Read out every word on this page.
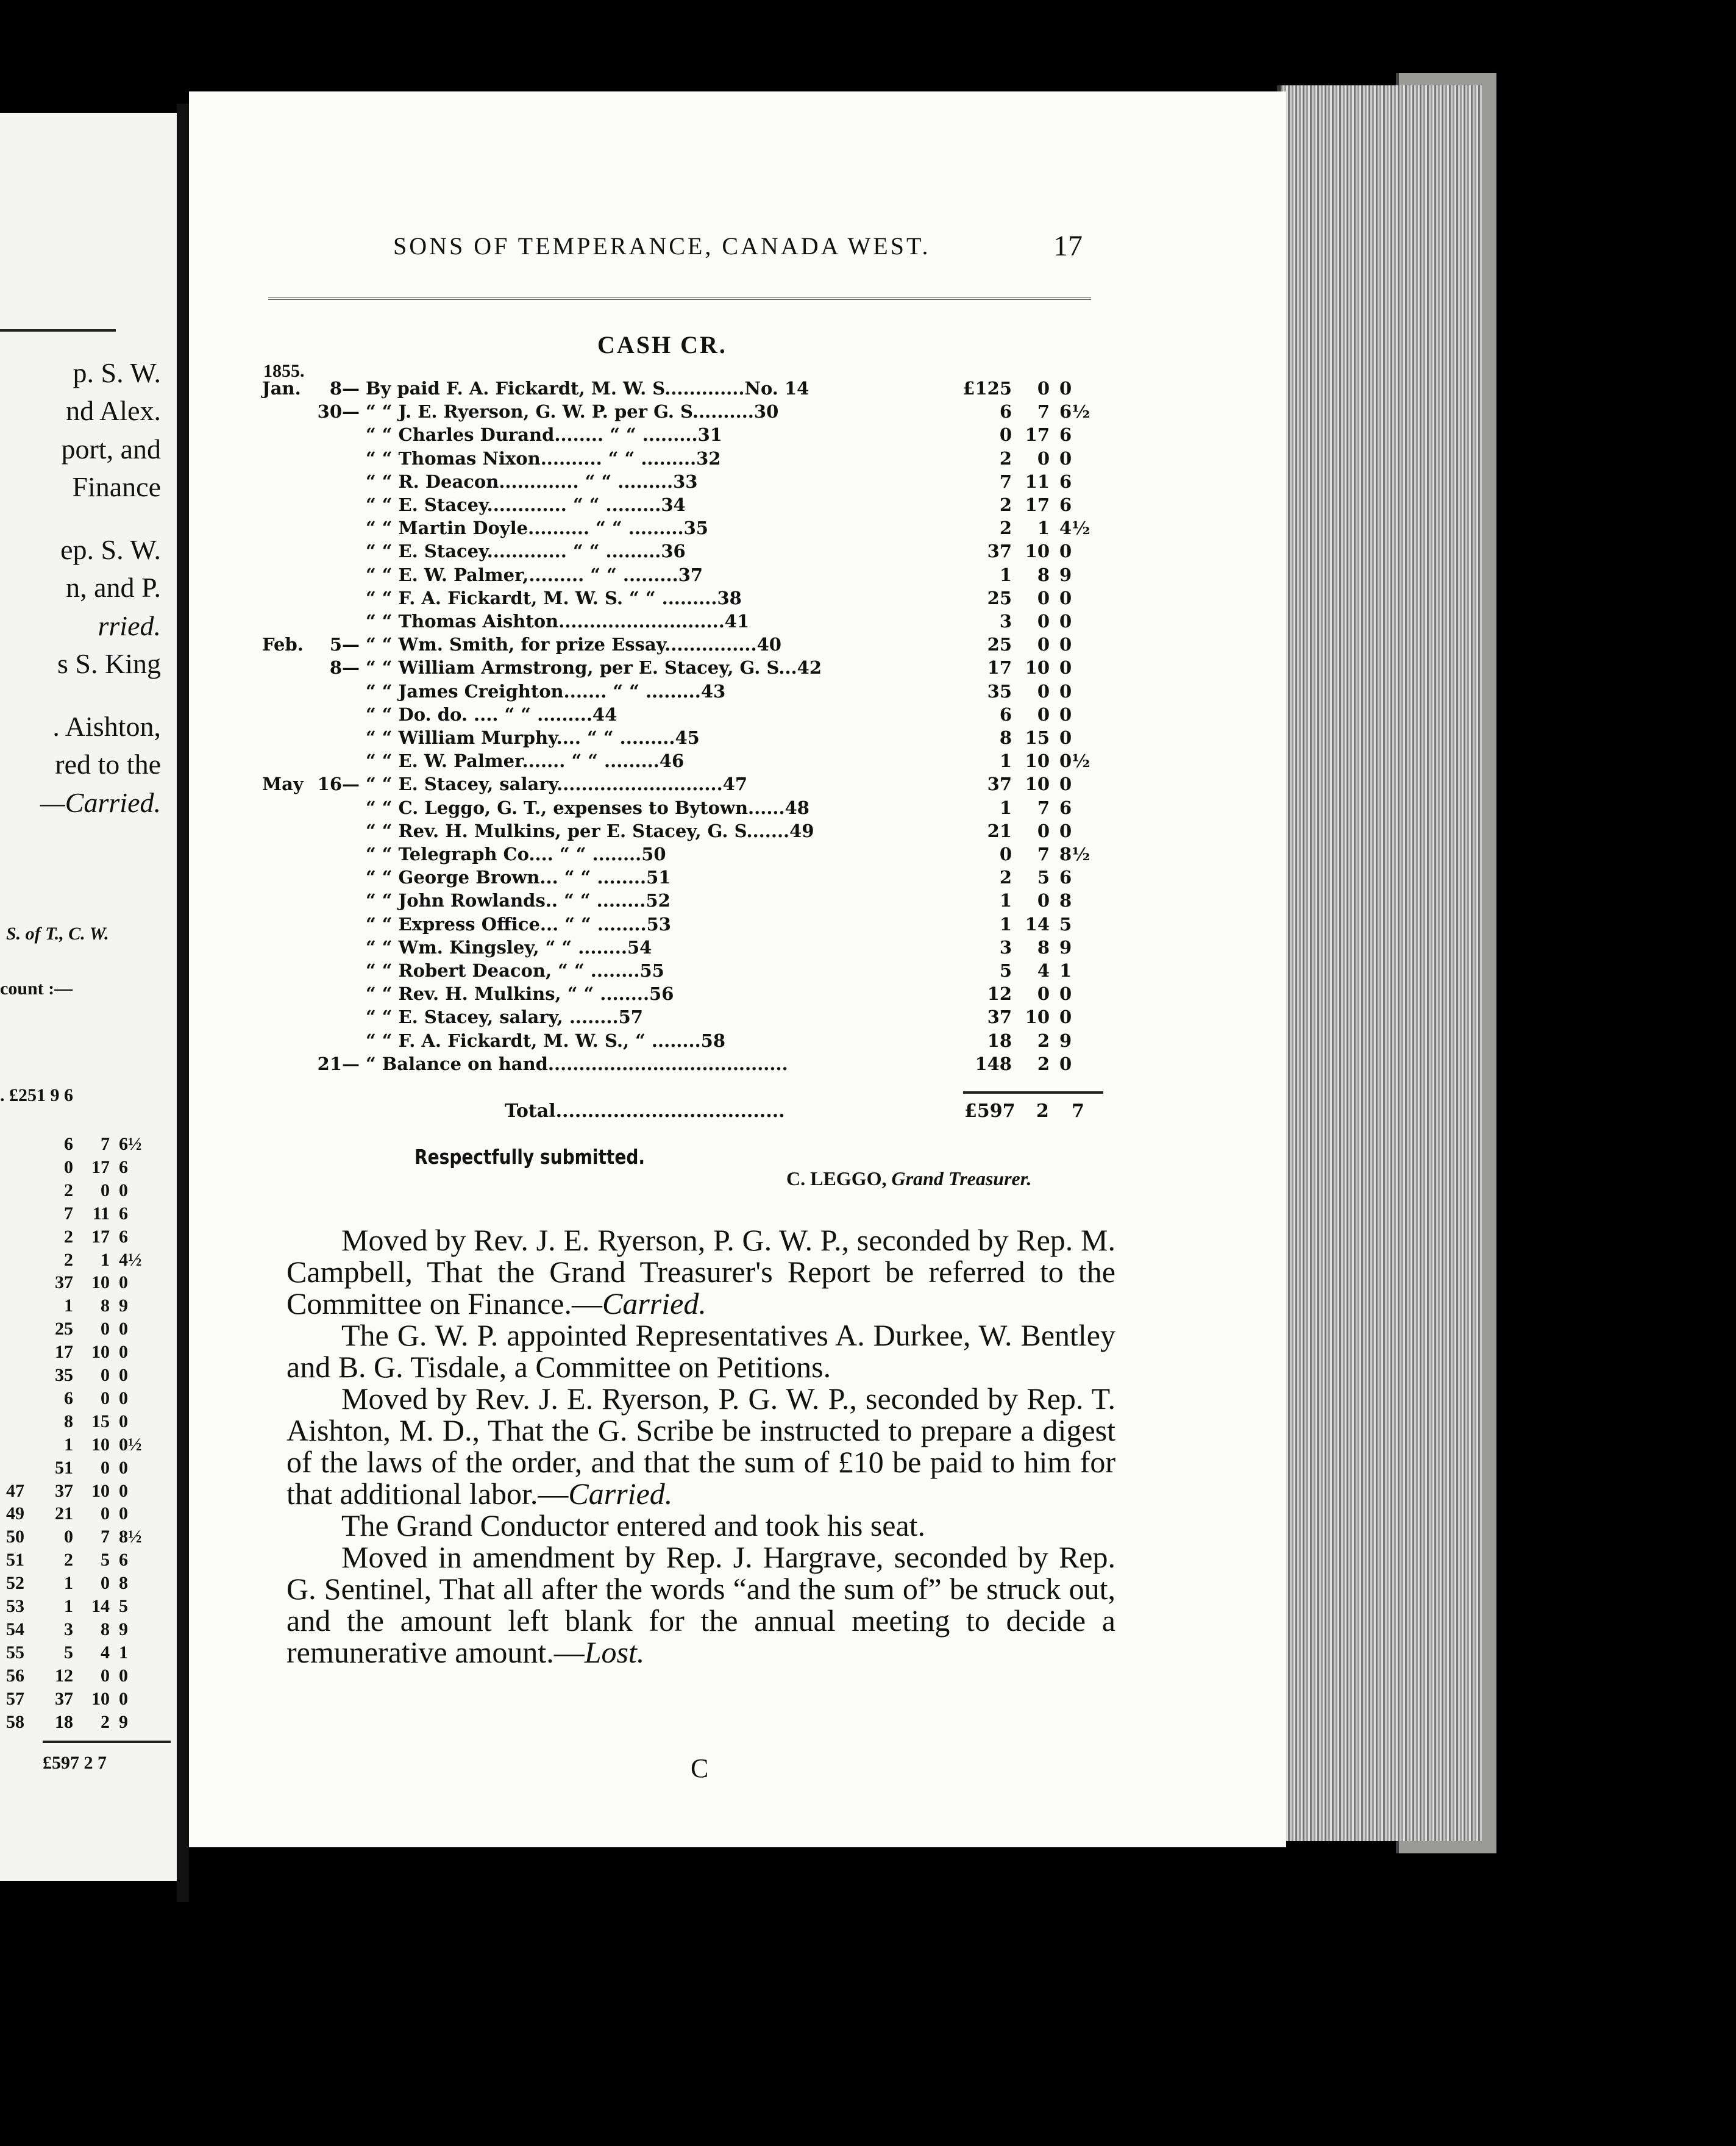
p. S. W.
nd Alex.
port, and
Finance
ep. S. W.
n, and P.
rried.
s S. King
. Aishton,
red to the
—Carried.
S. of T., C. W.
count :—
. £251 9 6
6	7 6½
0	17 6
2	0 0
7	11 6
2	17 6
2	1 4½
37	10 0
1	8 9
25	0 0
17	10 0
35	0 0
6	0 0
8	15 0
1	10 0½
51	0 0
47	37	10 0
49	21	0 0
50	0	7 8½
51	2	5 6
52	1	0 8
53	1	14 5
54	3	8 9
55	5	4 1
56	12	0 0
57	37	10 0
58	18	2 9
£597 2 7
SONS OF TEMPERANCE, CANADA WEST.	17
CASH CR.
1855.
Jan.	8— By paid F. A. Fickardt, M. W. S.............No. 14	£125	0 0
30— “ “ J. E. Ryerson, G. W. P. per G. S..........30	6	7 6½
“ “ Charles Durand........ “ “ .........31	0 17 6
“ “ Thomas Nixon.......... “ “ .........32	2	0 0
“ “ R. Deacon............. “ “ .........33	7 11 6
“ “ E. Stacey............. “ “ .........34	2 17 6
“ “ Martin Doyle.......... “ “ .........35	2	1 4½
“ “ E. Stacey............. “ “ .........36	37 10 0
“ “ E. W. Palmer,......... “ “ .........37	1	8 9
“ “ F. A. Fickardt, M. W. S. “ “ .........38	25	0 0
“ “ Thomas Aishton...........................41	3	0 0
Feb.	5— “ “ Wm. Smith, for prize Essay...............40	25	0 0
8— “ “ William Armstrong, per E. Stacey, G. S...42	17 10 0
“ “ James Creighton....... “ “ .........43	35	0 0
“ “ Do. do. .... “ “ .........44	6	0 0
“ “ William Murphy.... “ “ .........45	8 15 0
“ “ E. W. Palmer....... “ “ .........46	1 10 0½
May 16— “ “ E. Stacey, salary...........................47	37 10 0
“ “ C. Leggo, G. T., expenses to Bytown......48	1	7 6
“ “ Rev. H. Mulkins, per E. Stacey, G. S.......49	21	0 0
“ “ Telegraph Co.... “ “ ........50	0	7 8½
“ “ George Brown... “ “ ........51	2	5 6
“ “ John Rowlands.. “ “ ........52	1	0 8
“ “ Express Office... “ “ ........53	1 14 5
“ “ Wm. Kingsley, “ “ ........54	3	8 9
“ “ Robert Deacon, “ “ ........55	5	4 1
“ “ Rev. H. Mulkins, “ “ ........56	12	0 0
“ “ E. Stacey, salary, ........57	37 10 0
“ “ F. A. Fickardt, M. W. S., “ ........58	18	2 9
21— “ Balance on hand.......................................	148	2 0
Total....................................	£597 2 7
Respectfully submitted.
C. LEGGO, Grand Treasurer.

Moved by Rev. J. E. Ryerson, P. G. W. P., seconded by Rep. M. Campbell, That the Grand Treasurer's Report be referred to the Committee on Finance.—Carried.

The G. W. P. appointed Representatives A. Durkee, W. Bentley and B. G. Tisdale, a Committee on Petitions.

Moved by Rev. J. E. Ryerson, P. G. W. P., seconded by Rep. T. Aishton, M. D., That the G. Scribe be instructed to prepare a digest of the laws of the order, and that the sum of £10 be paid to him for that additional labor.—Carried.

The Grand Conductor entered and took his seat.

Moved in amendment by Rep. J. Hargrave, seconded by Rep. G. Sentinel, That all after the words “and the sum of” be struck out, and the amount left blank for the annual meeting to decide a remunerative amount.—Lost.

C
